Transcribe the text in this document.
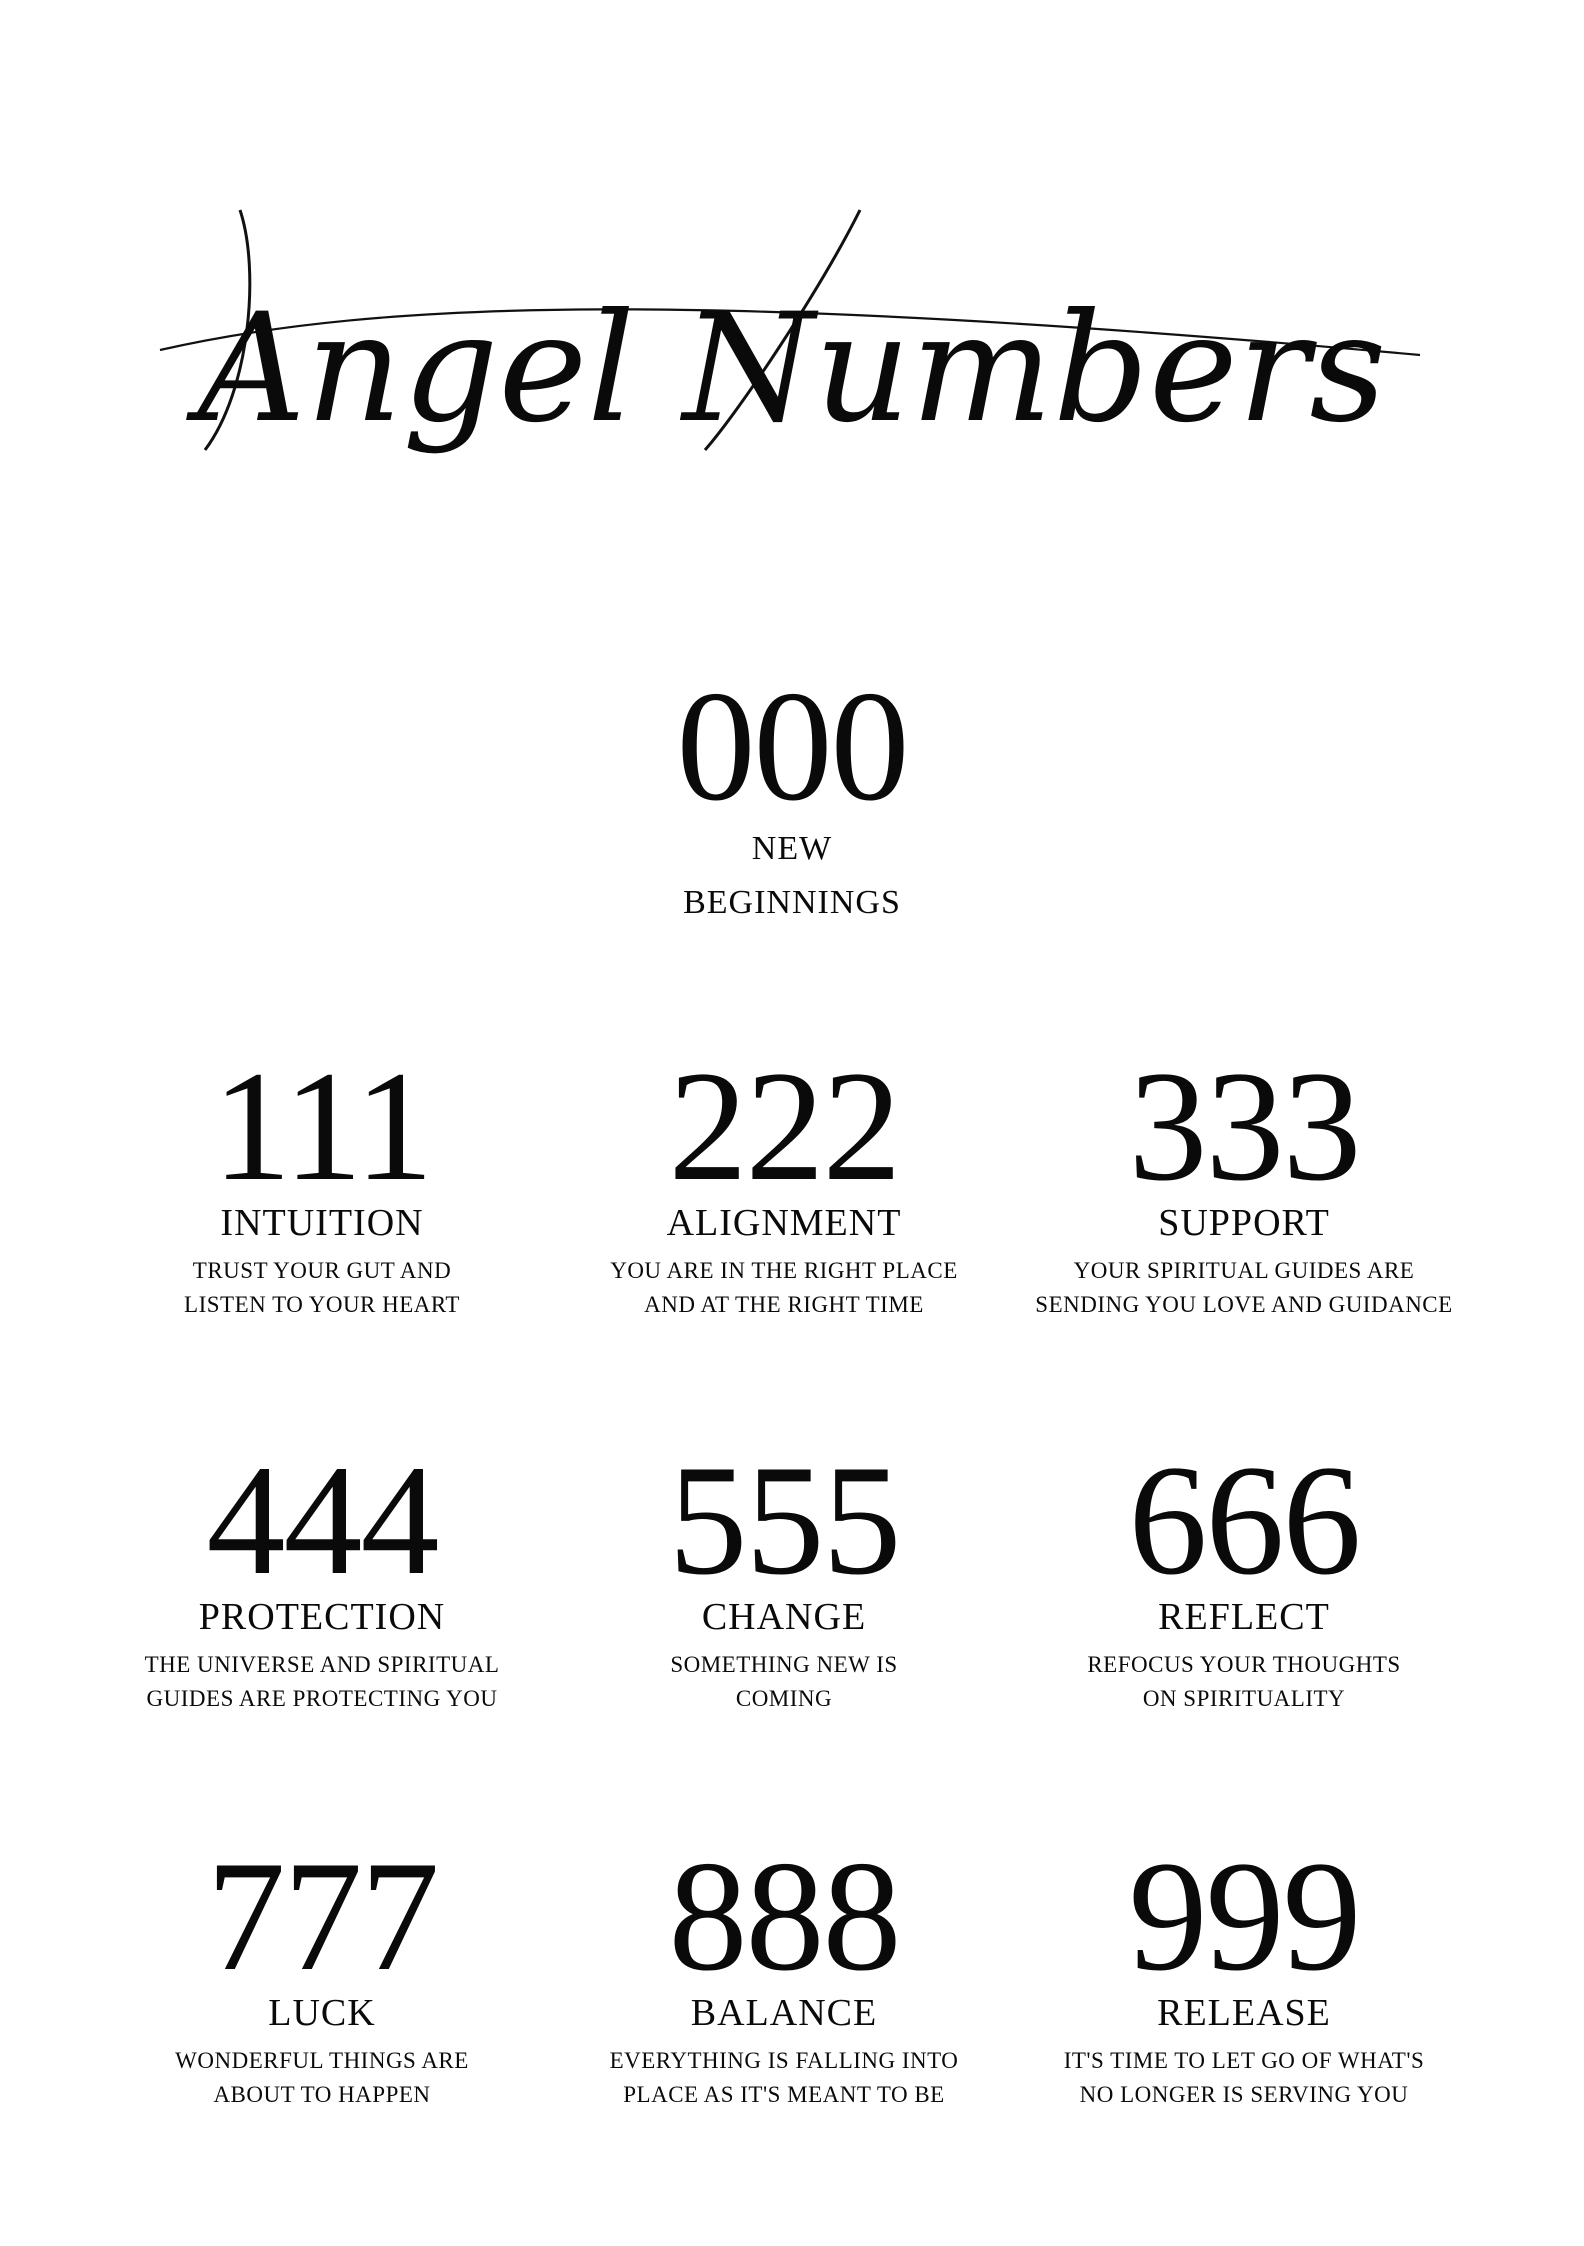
Angel Numbers
000
NEW
BEGINNINGS
111
INTUITION
TRUST YOUR GUT AND
LISTEN TO YOUR HEART
222
ALIGNMENT
YOU ARE IN THE RIGHT PLACE
AND AT THE RIGHT TIME
333
SUPPORT
YOUR SPIRITUAL GUIDES ARE
SENDING YOU LOVE AND GUIDANCE
444
PROTECTION
THE UNIVERSE AND SPIRITUAL
GUIDES ARE PROTECTING YOU
555
CHANGE
SOMETHING NEW IS
COMING
666
REFLECT
REFOCUS YOUR THOUGHTS
ON SPIRITUALITY
777
LUCK
WONDERFUL THINGS ARE
ABOUT TO HAPPEN
888
BALANCE
EVERYTHING IS FALLING INTO
PLACE AS IT'S MEANT TO BE
999
RELEASE
IT'S TIME TO LET GO OF WHAT'S
NO LONGER IS SERVING YOU
